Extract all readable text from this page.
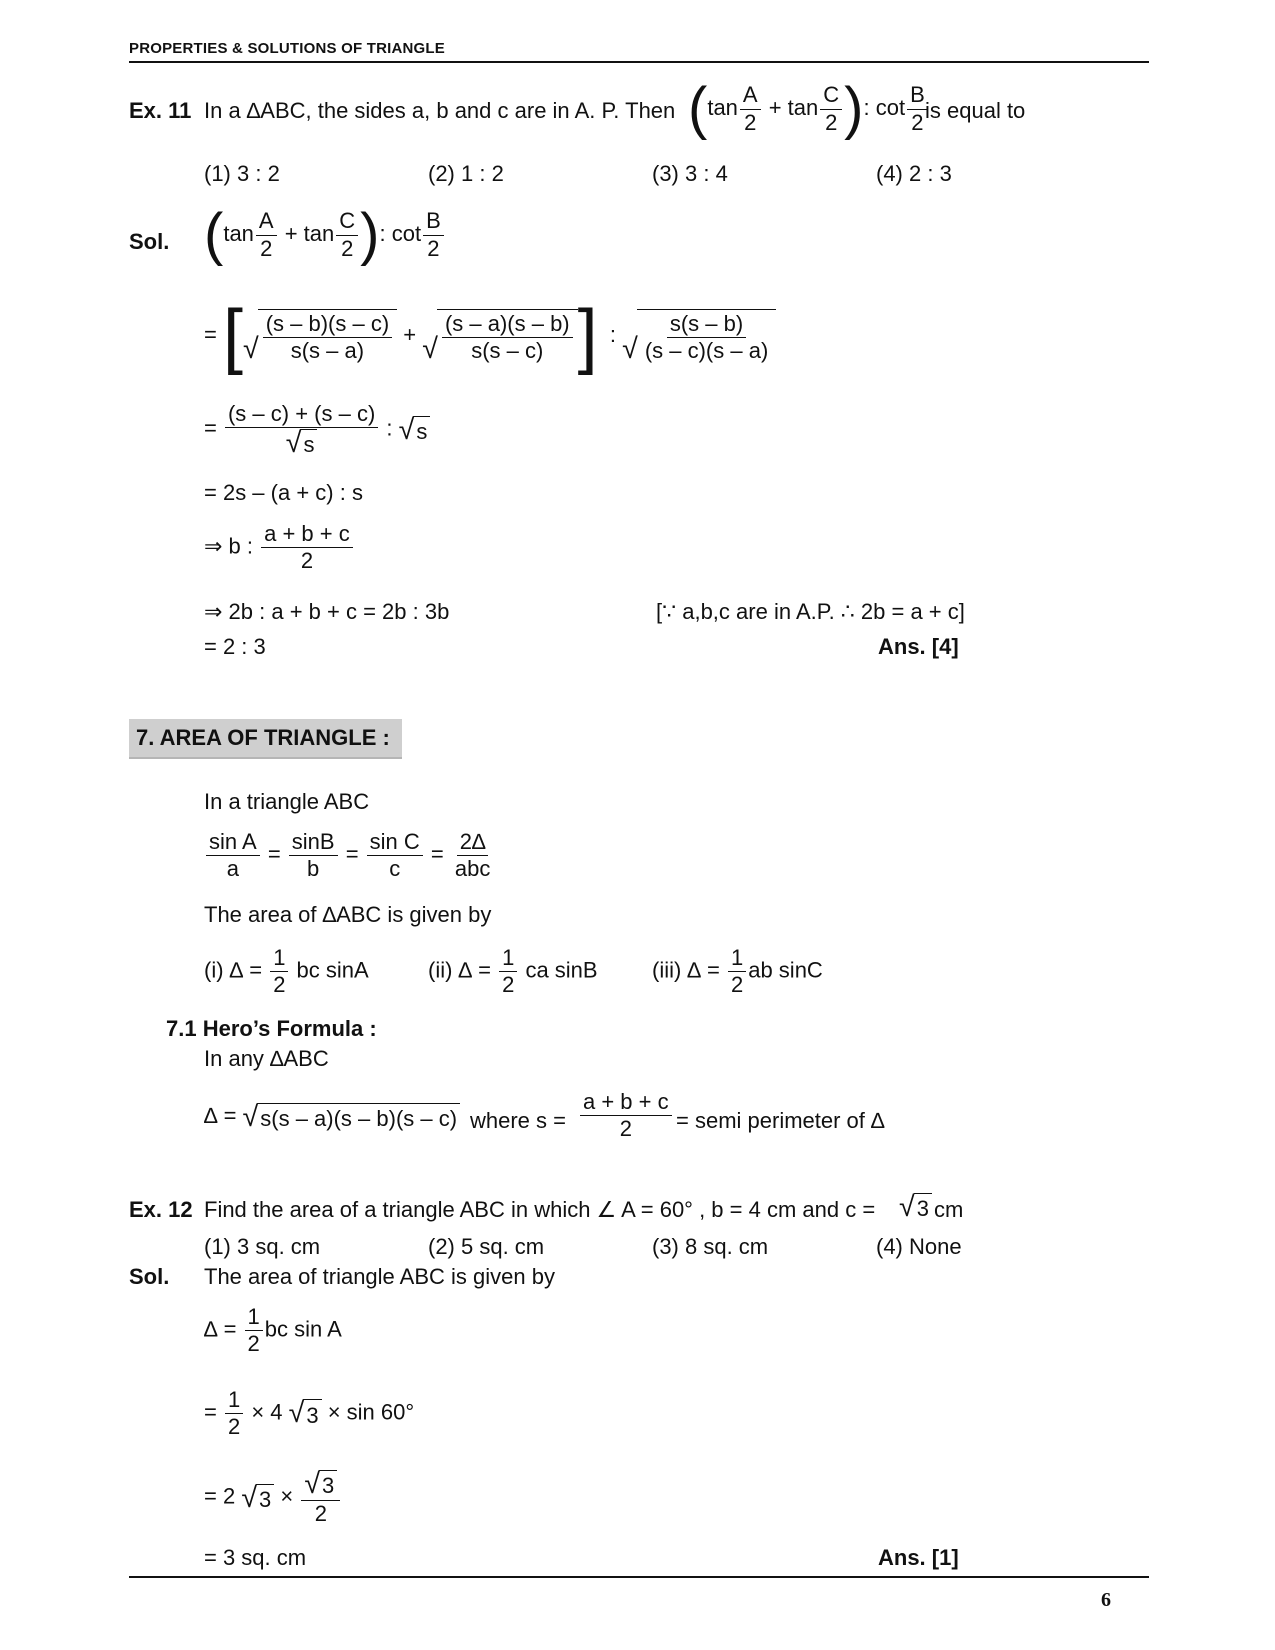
PROPERTIES & SOLUTIONS OF TRIANGLE
Ex. 11 In a ∆ABC, the sides a, b and c are in A. P. Then ($\tan \frac{A}{2} + \tan \frac{C}{2}$ ): $\cot \frac{B}{2}$
is equal to
(1) 3 : 2	(2) 1 : 2	(3) 3 : 4	(4) 2 : 3
Sol. ($\tan \frac{A}{2} + \tan \frac{C}{2}$ ): $\cot \frac{B}{2}$
= [ √ $\frac{(s - b)(s - c)}{s(s - a)}$ + √ $\frac{(s - a)(s - b)}{s(s - c)}$ ]  : √ $\frac{s(s - b)}{(s - c)(s - a)}$
= $\frac{(s - c) + (s - c)}{√ s}$ : √ s
= 2s – (a + c) : s
⇒ b : $\frac{a + b + c}{2}$
⇒ 2b : a + b + c = 2b : 3b	[∵ a,b,c are in A.P. ∴ 2b = a + c]
= 2 : 3	Ans. [4]
7. AREA OF TRIANGLE :
In a triangle ABC
$\frac{\text{sin A}}{a} = \frac{\sin B}{b} = \frac{\text{sin C}}{c} = \frac{2\Delta}{\text{abc}}$
The area of ∆ABC is given by
(i) ∆ = $\frac{1}{2}$ bc sinA	(ii) ∆ = $\frac{1}{2}$ ca sinB (iii) ∆ = $\frac{1}{2}$ ab sinC
7.1 Hero’s Formula :
In any ∆ABC
∆ = √ s(s – a)(s – b)(s – c) where $s = \frac{a + b + c}{2}$ = semi perimeter of ∆
Ex. 12 Find the area of a triangle ABC in which ∠ A = 60° , b = 4 cm and c = √ 3 cm
(1) 3 sq. cm	(2) 5 sq. cm	(3) 8 sq. cm	(4) None
Sol. The area of triangle ABC is given by
∆ = $\frac{1}{2}$ bc sin A
= $\frac{1}{2} \times 4$ √ 3 × sin 60°
= 2 √ $3 \times \frac{√ 3}{2}$
= 3 sq. cm	Ans. [1]
6
